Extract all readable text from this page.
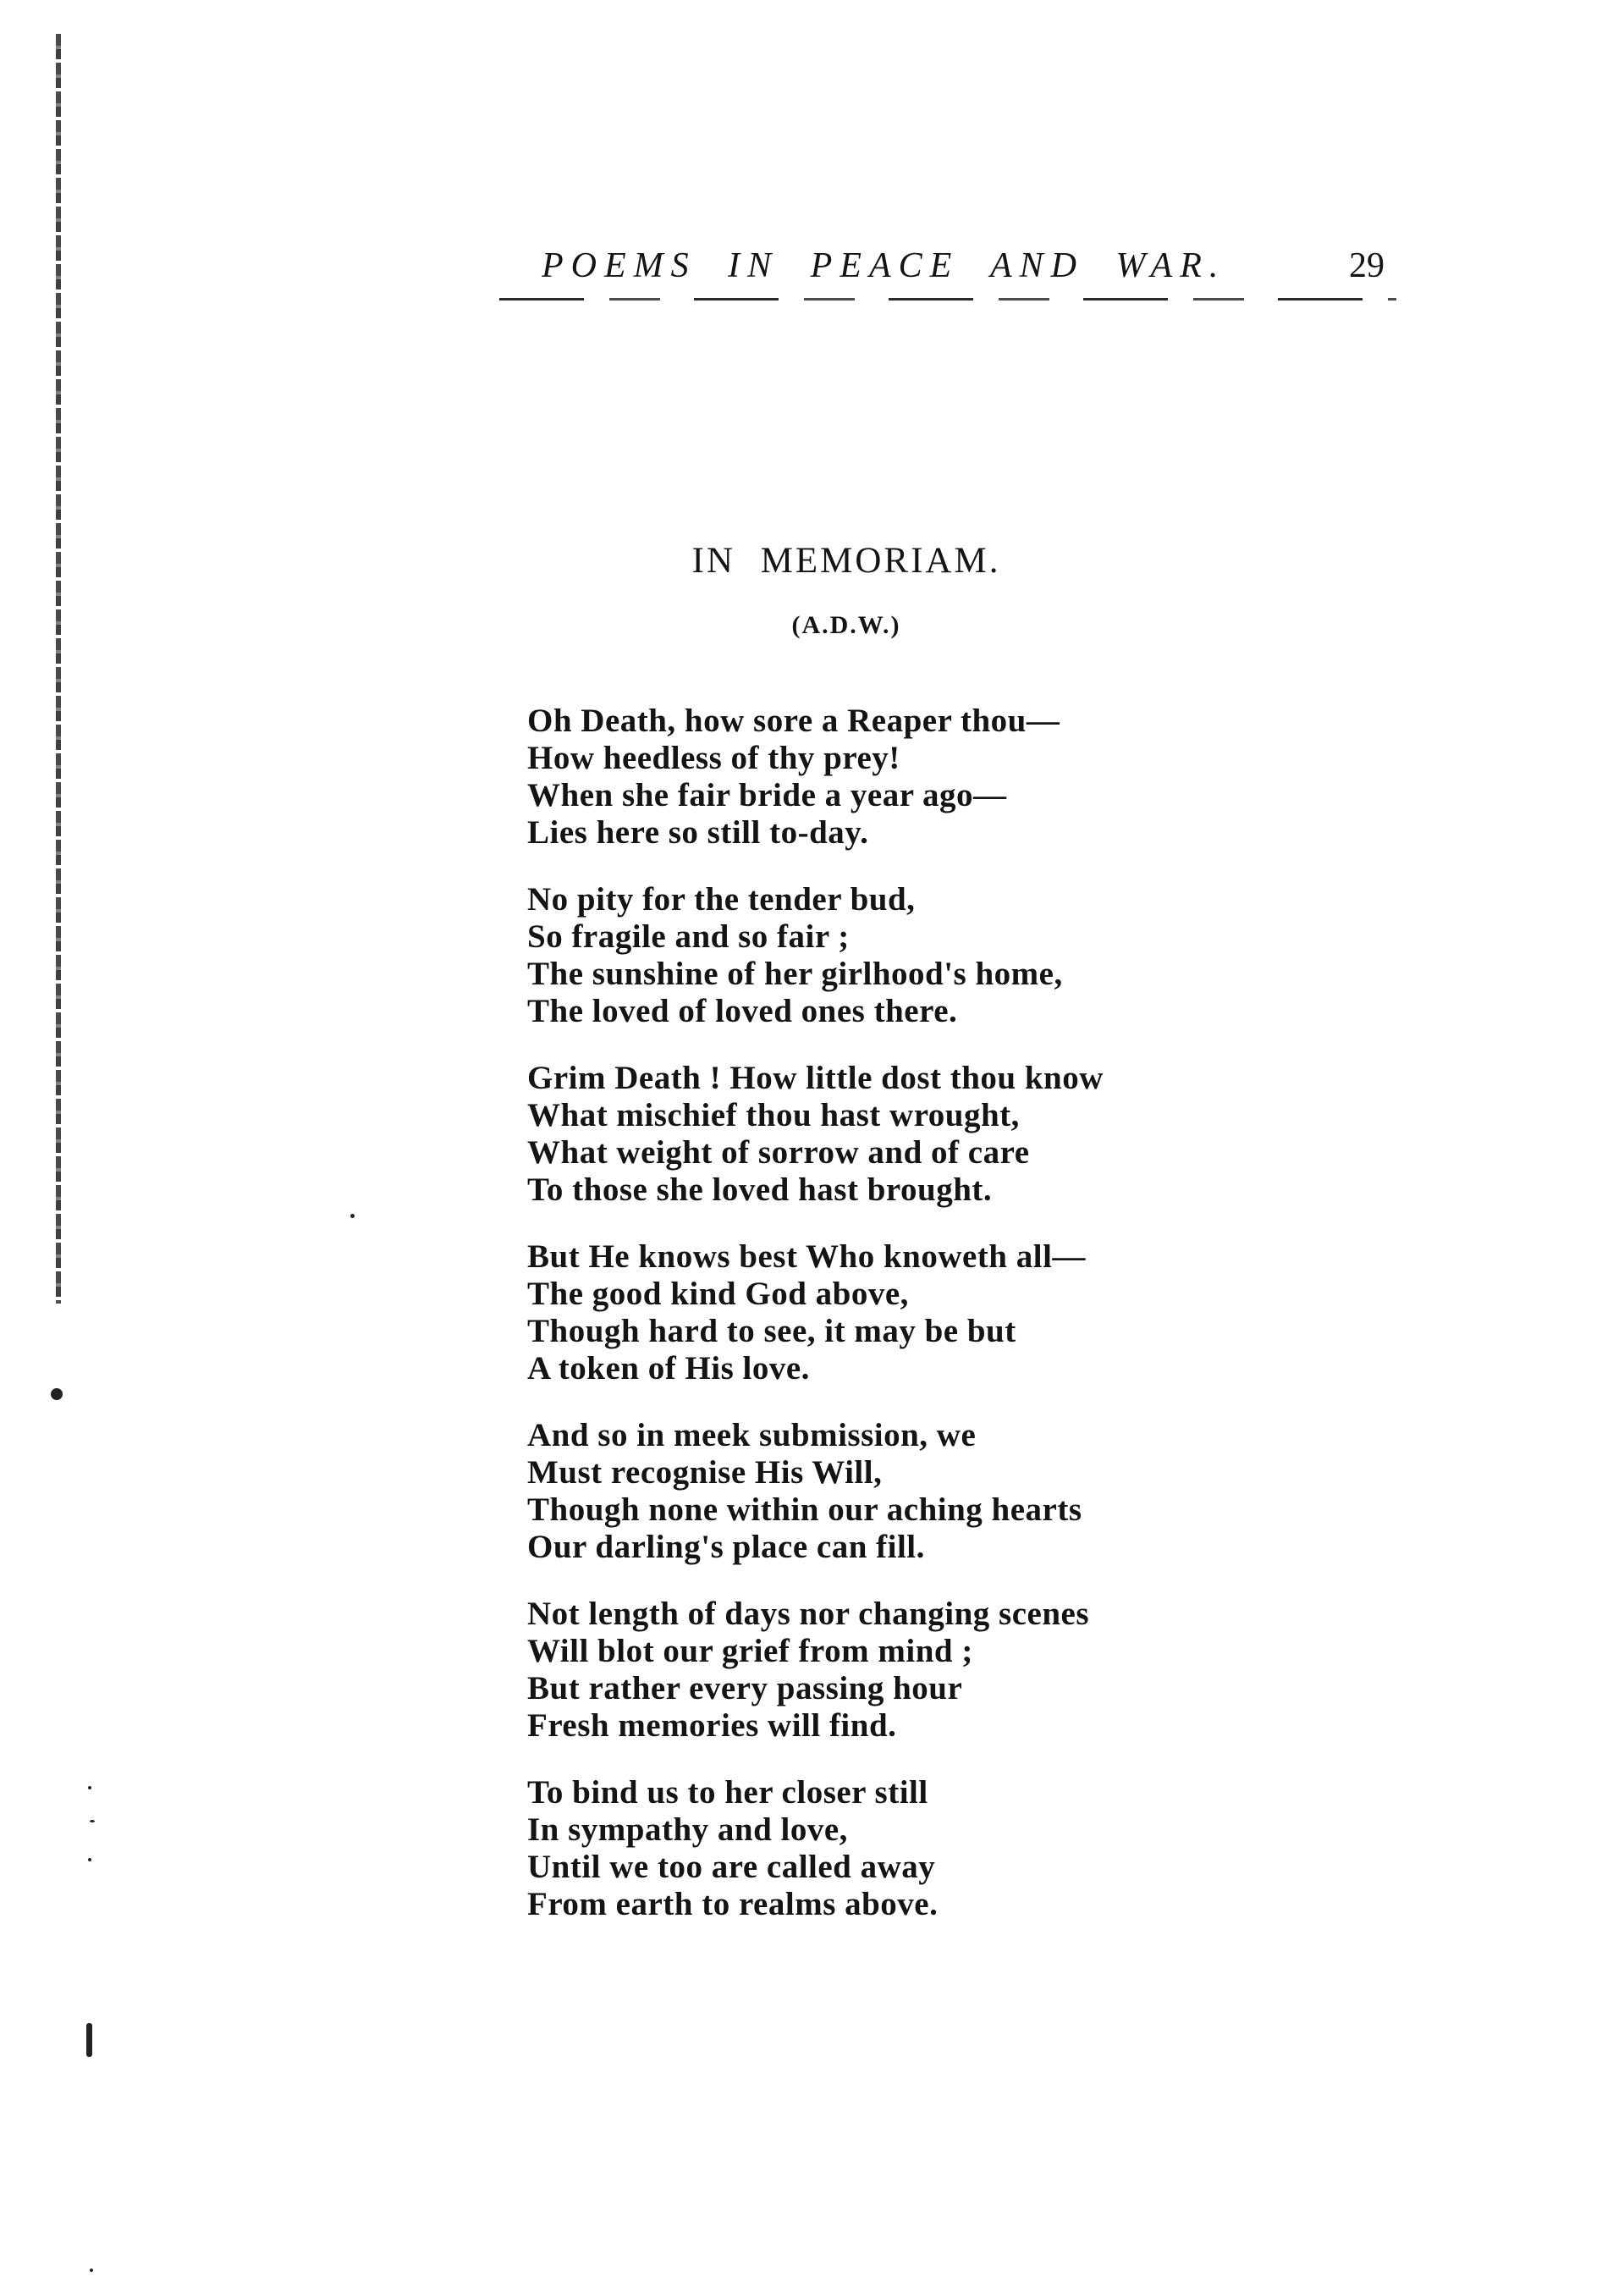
POEMS IN PEACE AND WAR.	29
IN MEMORIAM.
(A.D.W.)
Oh Death, how sore a Reaper thou—
How heedless of thy prey!
When she fair bride a year ago—
Lies here so still to-day.
No pity for the tender bud,
So fragile and so fair ;
The sunshine of her girlhood's home,
The loved of loved ones there.
Grim Death ! How little dost thou know
What mischief thou hast wrought,
What weight of sorrow and of care
To those she loved hast brought.
But He knows best Who knoweth all—
The good kind God above,
Though hard to see, it may be but
A token of His love.
And so in meek submission, we
Must recognise His Will,
Though none within our aching hearts
Our darling's place can fill.
Not length of days nor changing scenes
Will blot our grief from mind ;
But rather every passing hour
Fresh memories will find.
To bind us to her closer still
In sympathy and love,
Until we too are called away
From earth to realms above.
